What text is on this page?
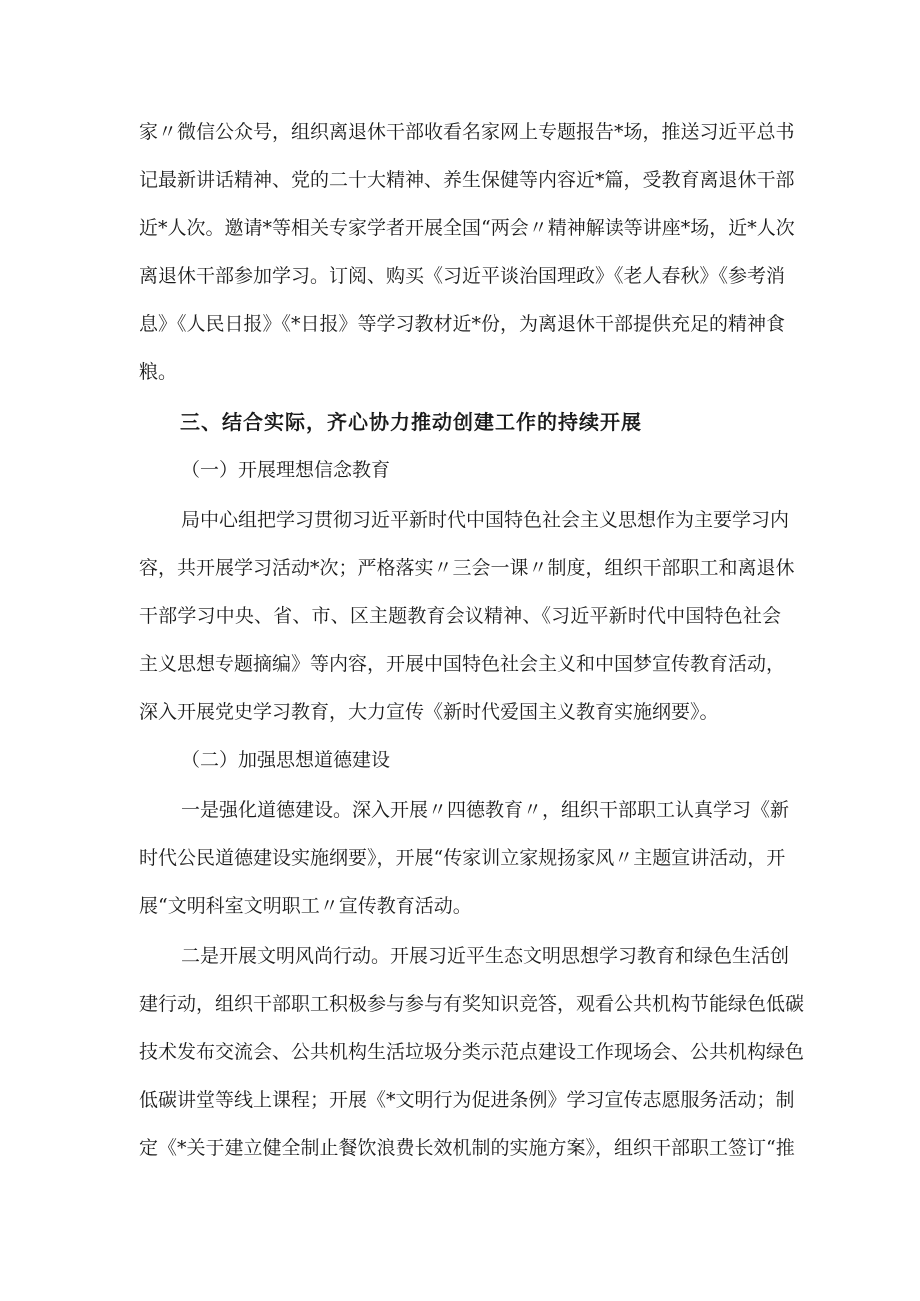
家〃微信公众号，组织离退休干部收看名家网上专题报告*场，推送习近平总书
记最新讲话精神、党的二十大精神、养生保健等内容近*篇，受教育离退休干部
近*人次。邀请*等相关专家学者开展全国“两会〃精神解读等讲座*场，近*人次
离退休干部参加学习。订阅、购买《习近平谈治国理政》《老人春秋》《参考消
息》《人民日报》《*日报》等学习教材近*份，为离退休干部提供充足的精神食
粮。
三、结合实际，齐心协力推动创建工作的持续开展
（一）开展理想信念教育
局中心组把学习贯彻习近平新时代中国特色社会主义思想作为主要学习内
容，共开展学习活动*次；严格落实〃三会一课〃制度，组织干部职工和离退休
干部学习中央、省、市、区主题教育会议精神、《习近平新时代中国特色社会
主义思想专题摘编》等内容，开展中国特色社会主义和中国梦宣传教育活动，
深入开展党史学习教育，大力宣传《新时代爱国主义教育实施纲要》。
（二）加强思想道德建设
一是强化道德建设。深入开展〃四德教育〃，组织干部职工认真学习《新
时代公民道德建设实施纲要》，开展“传家训立家规扬家风〃主题宣讲活动，开
展“文明科室文明职工〃宣传教育活动。
二是开展文明风尚行动。开展习近平生态文明思想学习教育和绿色生活创
建行动，组织干部职工积极参与参与有奖知识竞答，观看公共机构节能绿色低碳
技术发布交流会、公共机构生活垃圾分类示范点建设工作现场会、公共机构绿色
低碳讲堂等线上课程；开展《*文明行为促进条例》学习宣传志愿服务活动；制
定《*关于建立健全制止餐饮浪费长效机制的实施方案》，组织干部职工签订“推
